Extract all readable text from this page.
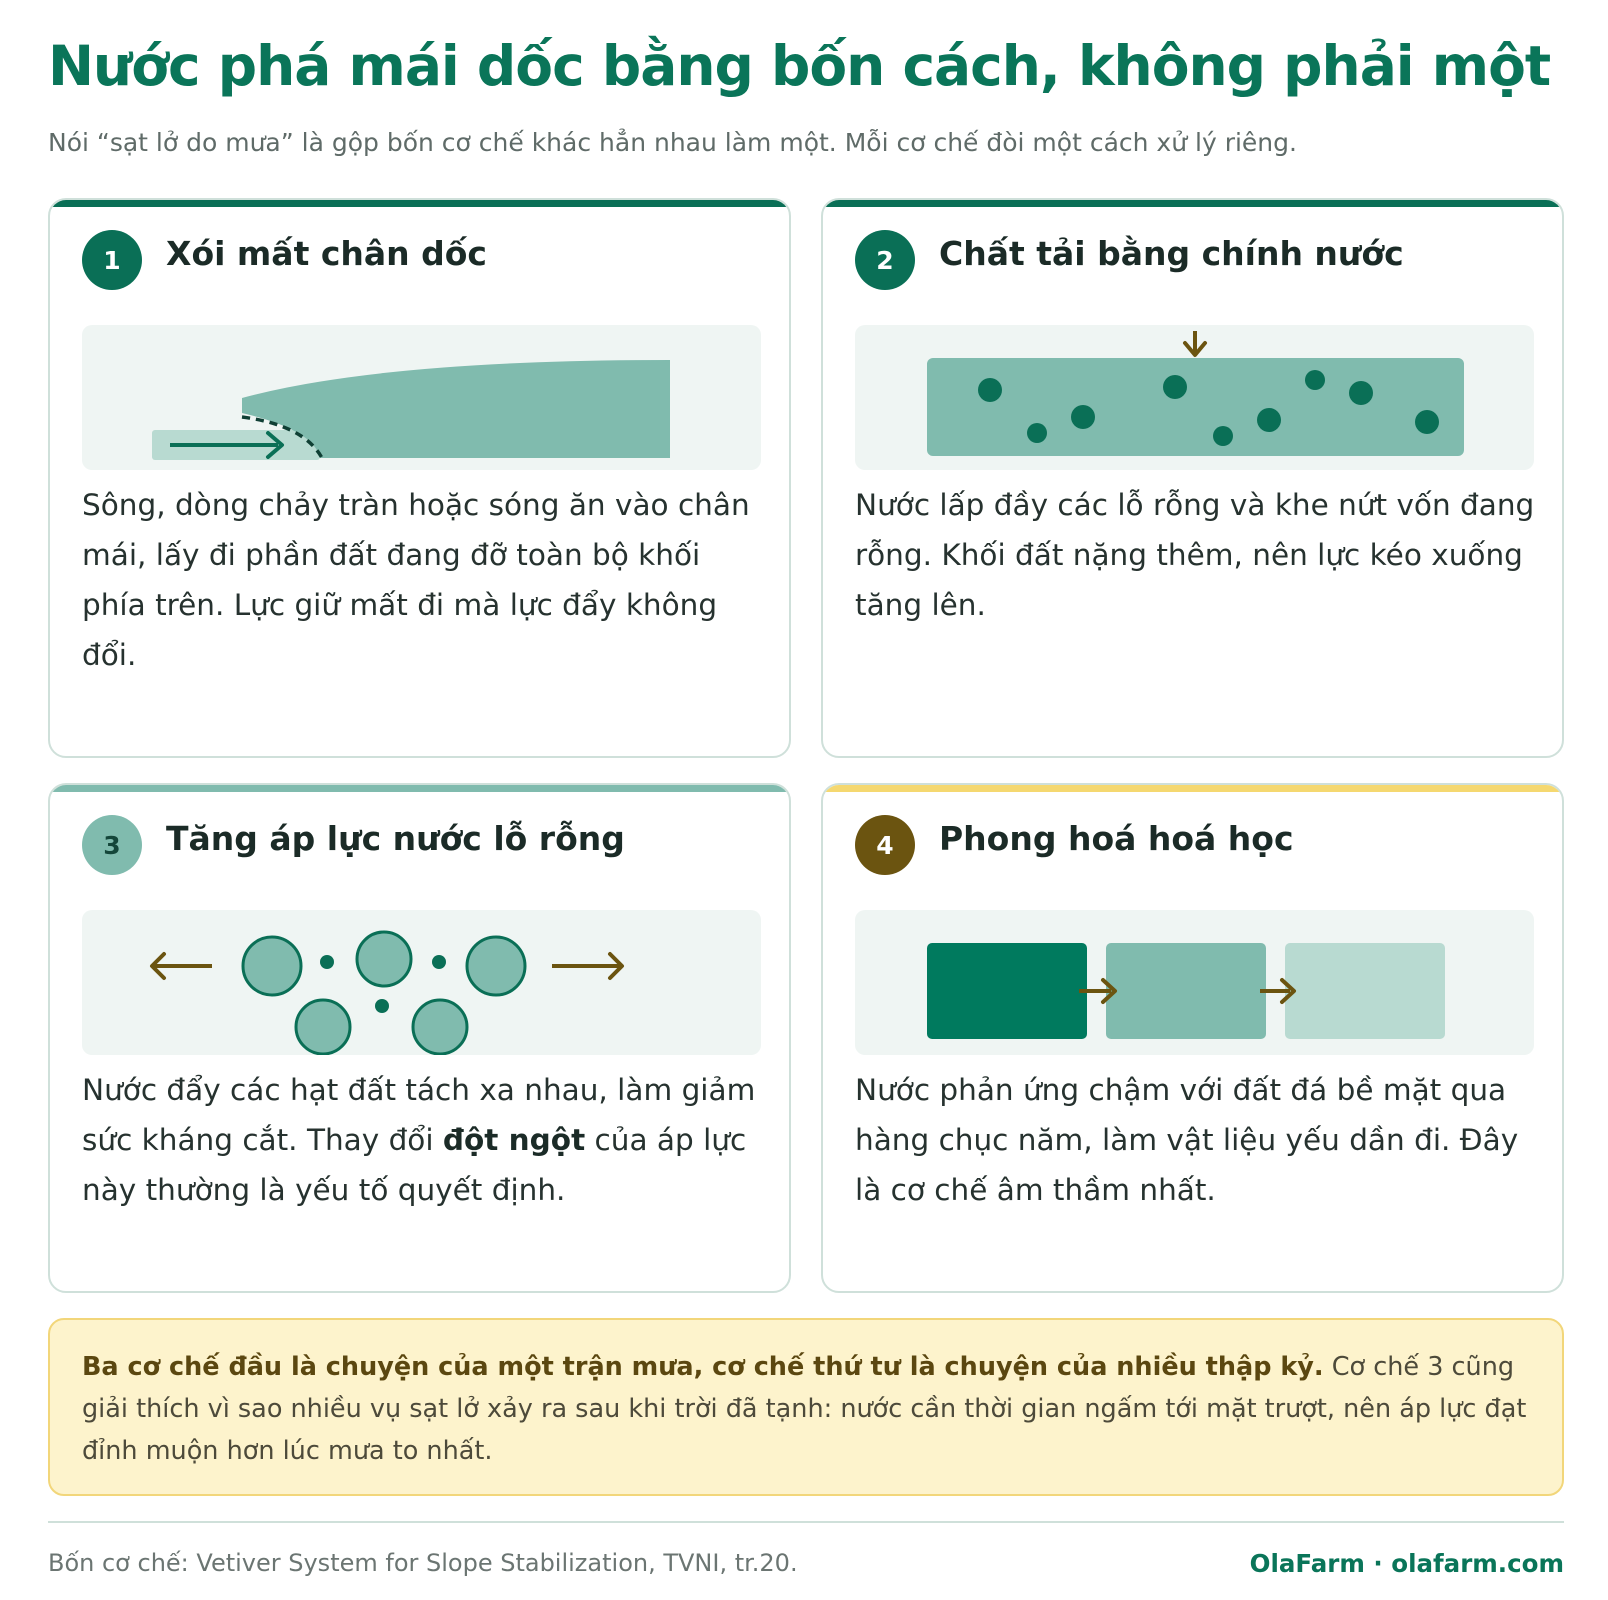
Nước phá mái dốc bằng bốn cách, không phải một

Nói “sạt lở do mưa” là gộp bốn cơ chế khác hẳn nhau làm một. Mỗi cơ chế đòi một cách xử lý riêng.

1	Xói mất chân dốc

Sông, dòng chảy tràn hoặc sóng ăn vào chân mái, lấy đi phần đất đang đỡ toàn bộ khối phía trên. Lực giữ mất đi mà lực đẩy không đổi.

2	Chất tải bằng chính nước

Nước lấp đầy các lỗ rỗng và khe nứt vốn đang rỗng. Khối đất nặng thêm, nên lực kéo xuống tăng lên.

3	Tăng áp lực nước lỗ rỗng

Nước đẩy các hạt đất tách xa nhau, làm giảm sức kháng cắt. Thay đổi đột ngột của áp lực này thường là yếu tố quyết định.

4	Phong hoá hoá học

Nước phản ứng chậm với đất đá bề mặt qua hàng chục năm, làm vật liệu yếu dần đi. Đây là cơ chế âm thầm nhất.

Ba cơ chế đầu là chuyện của một trận mưa, cơ chế thứ tư là chuyện của nhiều thập kỷ. Cơ chế 3 cũng giải thích vì sao nhiều vụ sạt lở xảy ra sau khi trời đã tạnh: nước cần thời gian ngấm tới mặt trượt, nên áp lực đạt đỉnh muộn hơn lúc mưa to nhất.

Bốn cơ chế: Vetiver System for Slope Stabilization, TVNI, tr.20.	OlaFarm · olafarm.com
